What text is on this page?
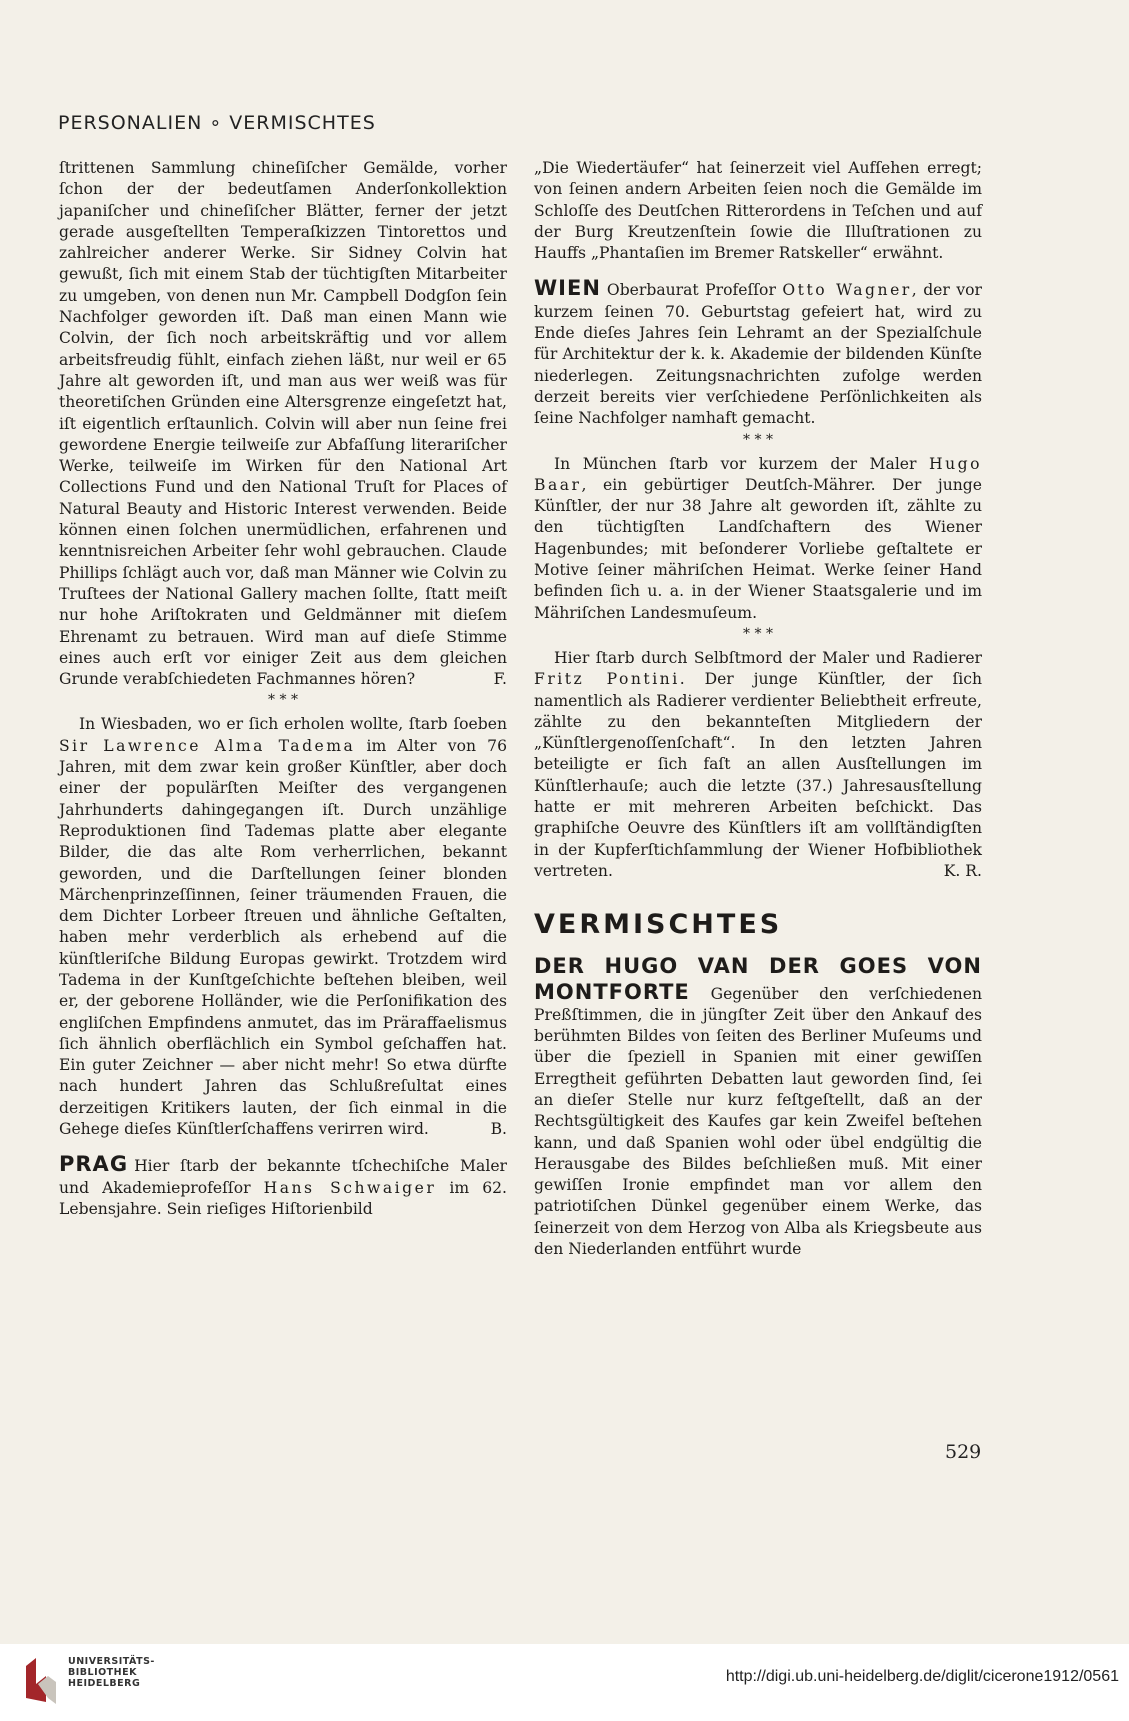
PERSONALIEN ∘ VERMISCHTES

ſtrittenen Sammlung chineſiſcher Gemälde, vorher ſchon der der bedeutſamen Anderſonkollektion japaniſcher und chineſiſcher Blätter, ferner der jetzt gerade ausgeſtellten Temperaſkizzen Tintorettos und zahlreicher anderer Werke. Sir Sidney Colvin hat gewußt, ſich mit einem Stab der tüchtigſten Mitarbeiter zu umgeben, von denen nun Mr. Campbell Dodgſon ſein Nachfolger geworden iſt. Daß man einen Mann wie Colvin, der ſich noch arbeitskräftig und vor allem arbeitsfreudig fühlt, einfach ziehen läßt, nur weil er 65 Jahre alt geworden iſt, und man aus wer weiß was für theoretiſchen Gründen eine Altersgrenze eingeſetzt hat, iſt eigentlich erſtaunlich. Colvin will aber nun ſeine frei gewordene Energie teilweiſe zur Abfaſſung literariſcher Werke, teilweiſe im Wirken für den National Art Collections Fund und den National Truſt for Places of Natural Beauty and Historic Interest verwenden. Beide können einen ſolchen unermüdlichen, erfahrenen und kenntnisreichen Arbeiter ſehr wohl gebrauchen. Claude Phillips ſchlägt auch vor, daß man Männer wie Colvin zu Truſtees der National Gallery machen ſollte, ſtatt meiſt nur hohe Ariſtokraten und Geldmänner mit dieſem Ehrenamt zu betrauen. Wird man auf dieſe Stimme eines auch erſt vor einiger Zeit aus dem gleichen Grunde verabſchiedeten Fachmannes hören?	F.

* * *

In Wiesbaden, wo er ſich erholen wollte, ſtarb ſoeben Sir Lawrence Alma Tadema im Alter von 76 Jahren, mit dem zwar kein großer Künſtler, aber doch einer der populärſten Meiſter des vergangenen Jahrhunderts dahingegangen iſt. Durch unzählige Reproduktionen ſind Tademas platte aber elegante Bilder, die das alte Rom verherrlichen, bekannt geworden, und die Darſtellungen ſeiner blonden Märchenprinzeſſinnen, ſeiner träumenden Frauen, die dem Dichter Lorbeer ſtreuen und ähnliche Geſtalten, haben mehr verderblich als erhebend auf die künſtleriſche Bildung Europas gewirkt. Trotzdem wird Tadema in der Kunſtgeſchichte beſtehen bleiben, weil er, der geborene Holländer, wie die Perſonifikation des engliſchen Empfindens anmutet, das im Präraffaelismus ſich ähnlich oberflächlich ein Symbol geſchaffen hat. Ein guter Zeichner — aber nicht mehr! So etwa dürfte nach hundert Jahren das Schlußreſultat eines derzeitigen Kritikers lauten, der ſich einmal in die Gehege dieſes Künſtlerſchaffens verirren wird.	B.

PRAG Hier ſtarb der bekannte tſchechiſche Maler und Akademieprofeſſor Hans Schwaiger im 62. Lebensjahre. Sein rieſiges Hiſtorienbild

„Die Wiedertäufer“ hat ſeinerzeit viel Aufſehen erregt; von ſeinen andern Arbeiten ſeien noch die Gemälde im Schloſſe des Deutſchen Ritterordens in Teſchen und auf der Burg Kreutzenſtein ſowie die Illuſtrationen zu Hauffs „Phantaſien im Bremer Ratskeller“ erwähnt.

WIEN Oberbaurat Profeſſor Otto Wagner, der vor kurzem ſeinen 70. Geburtstag gefeiert hat, wird zu Ende dieſes Jahres ſein Lehramt an der Spezialſchule für Architektur der k. k. Akademie der bildenden Künſte niederlegen. Zeitungsnachrichten zufolge werden derzeit bereits vier verſchiedene Perſönlichkeiten als ſeine Nachfolger namhaft gemacht.

* * *

In München ſtarb vor kurzem der Maler Hugo Baar, ein gebürtiger Deutſch-Mährer. Der junge Künſtler, der nur 38 Jahre alt geworden iſt, zählte zu den tüchtigſten Landſchaftern des Wiener Hagenbundes; mit beſonderer Vorliebe geſtaltete er Motive ſeiner mähriſchen Heimat. Werke ſeiner Hand befinden ſich u. a. in der Wiener Staatsgalerie und im Mähriſchen Landesmuſeum.

* * *

Hier ſtarb durch Selbſtmord der Maler und Radierer Fritz Pontini. Der junge Künſtler, der ſich namentlich als Radierer verdienter Beliebtheit erfreute, zählte zu den bekannteſten Mitgliedern der „Künſtlergenoſſenſchaft“. In den letzten Jahren beteiligte er ſich faſt an allen Ausſtellungen im Künſtlerhauſe; auch die letzte (37.) Jahresausſtellung hatte er mit mehreren Arbeiten beſchickt. Das graphiſche Oeuvre des Künſtlers iſt am vollſtändigſten in der Kupferſtichſammlung der Wiener Hofbibliothek vertreten.	K. R.

VERMISCHTES

DER HUGO VAN DER GOES VON MONTFORTE Gegenüber den verſchiedenen Preßſtimmen, die in jüngſter Zeit über den Ankauf des berühmten Bildes von ſeiten des Berliner Muſeums und über die ſpeziell in Spanien mit einer gewiſſen Erregtheit geführten Debatten laut geworden ſind, ſei an dieſer Stelle nur kurz feſtgeſtellt, daß an der Rechtsgültigkeit des Kaufes gar kein Zweifel beſtehen kann, und daß Spanien wohl oder übel endgültig die Herausgabe des Bildes beſchließen muß. Mit einer gewiſſen Ironie empfindet man vor allem den patriotiſchen Dünkel gegenüber einem Werke, das ſeinerzeit von dem Herzog von Alba als Kriegsbeute aus den Niederlanden entführt wurde

529
UNIVERSITÄTS-
BIBLIOTHEK
HEIDELBERG	http://digi.ub.uni-heidelberg.de/diglit/cicerone1912/0561
